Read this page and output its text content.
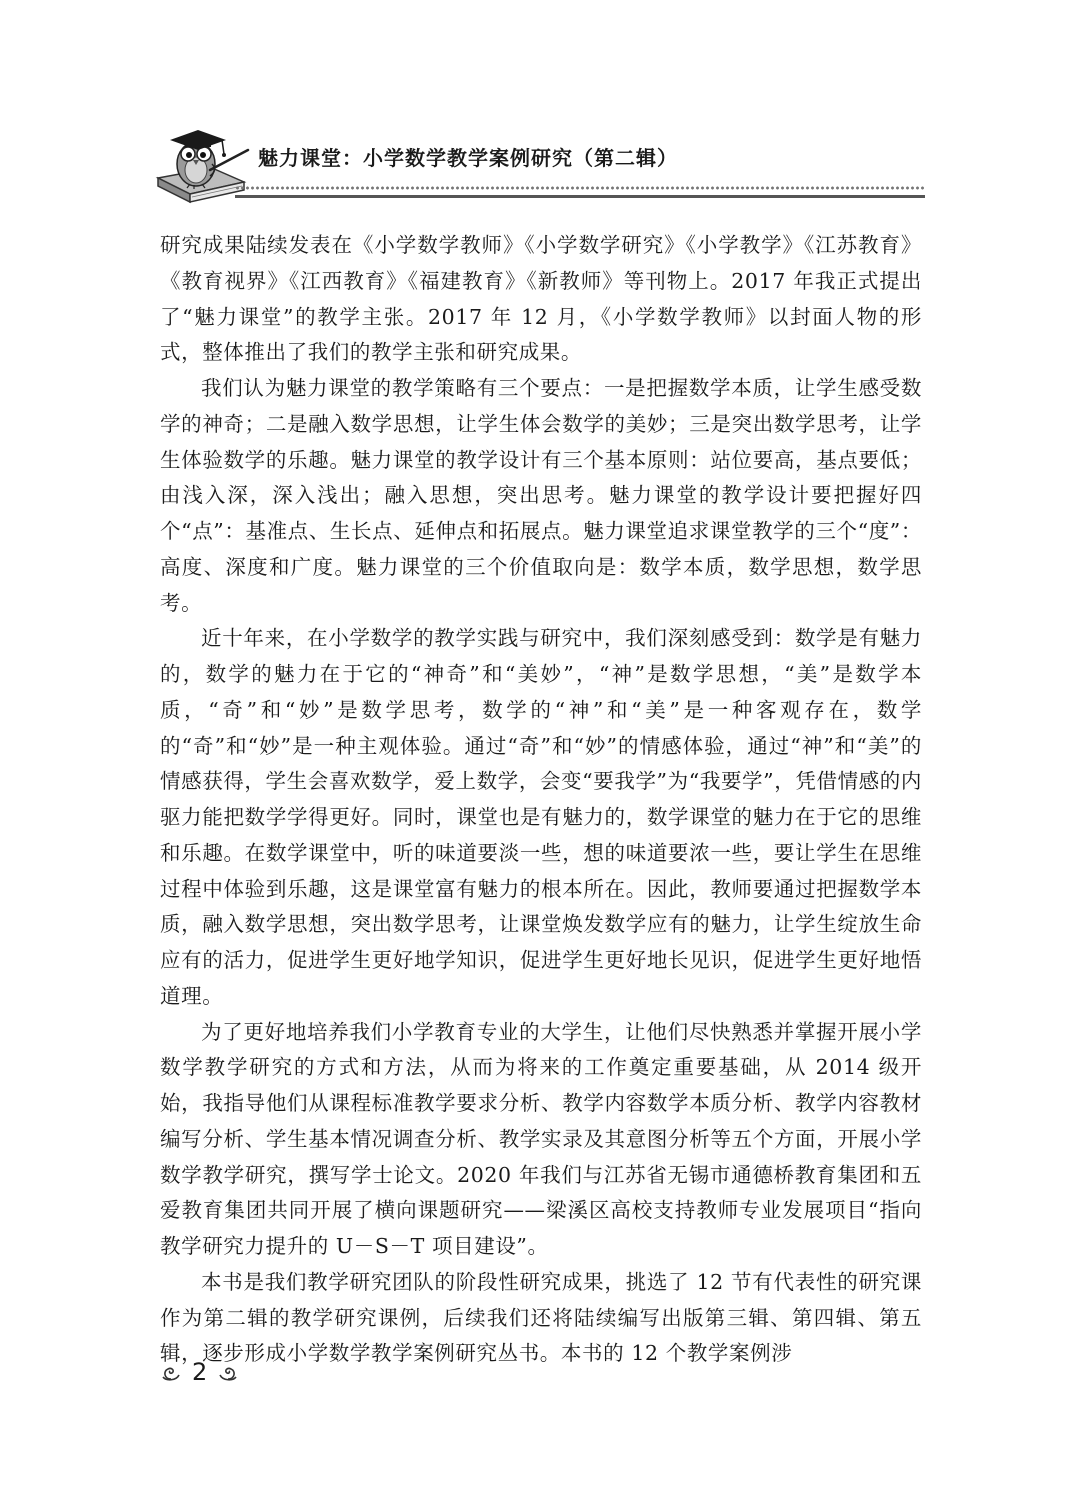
魅力课堂：小学数学教学案例研究（第二辑）

研究成果陆续发表在《小学数学教师》《小学数学研究》《小学教学》《江苏教育》《教育视界》《江西教育》《福建教育》《新教师》等刊物上。2017 年我正式提出了“魅力课堂”的教学主张。2017 年 12 月，《小学数学教师》以封面人物的形式，整体推出了我们的教学主张和研究成果。

我们认为魅力课堂的教学策略有三个要点：一是把握数学本质，让学生感受数学的神奇；二是融入数学思想，让学生体会数学的美妙；三是突出数学思考，让学生体验数学的乐趣。魅力课堂的教学设计有三个基本原则：站位要高，基点要低；由浅入深，深入浅出；融入思想，突出思考。魅力课堂的教学设计要把握好四个“点”：基准点、生长点、延伸点和拓展点。魅力课堂追求课堂教学的三个“度”：高度、深度和广度。魅力课堂的三个价值取向是：数学本质，数学思想，数学思考。

近十年来，在小学数学的教学实践与研究中，我们深刻感受到：数学是有魅力的，数学的魅力在于它的“神奇”和“美妙”，“神”是数学思想，“美”是数学本质，“奇”和“妙”是数学思考，数学的“神”和“美”是一种客观存在，数学的“奇”和“妙”是一种主观体验。通过“奇”和“妙”的情感体验，通过“神”和“美”的情感获得，学生会喜欢数学，爱上数学，会变“要我学”为“我要学”，凭借情感的内驱力能把数学学得更好。同时，课堂也是有魅力的，数学课堂的魅力在于它的思维和乐趣。在数学课堂中，听的味道要淡一些，想的味道要浓一些，要让学生在思维过程中体验到乐趣，这是课堂富有魅力的根本所在。因此，教师要通过把握数学本质，融入数学思想，突出数学思考，让课堂焕发数学应有的魅力，让学生绽放生命应有的活力，促进学生更好地学知识，促进学生更好地长见识，促进学生更好地悟道理。

为了更好地培养我们小学教育专业的大学生，让他们尽快熟悉并掌握开展小学数学教学研究的方式和方法，从而为将来的工作奠定重要基础，从 2014 级开始，我指导他们从课程标准教学要求分析、教学内容数学本质分析、教学内容教材编写分析、学生基本情况调查分析、教学实录及其意图分析等五个方面，开展小学数学教学研究，撰写学士论文。2020 年我们与江苏省无锡市通德桥教育集团和五爱教育集团共同开展了横向课题研究——梁溪区高校支持教师专业发展项目“指向教学研究力提升的 U－S－T 项目建设”。

本书是我们教学研究团队的阶段性研究成果，挑选了 12 节有代表性的研究课作为第二辑的教学研究课例，后续我们还将陆续编写出版第三辑、第四辑、第五辑，逐步形成小学数学教学案例研究丛书。本书的 12 个教学案例涉

2
